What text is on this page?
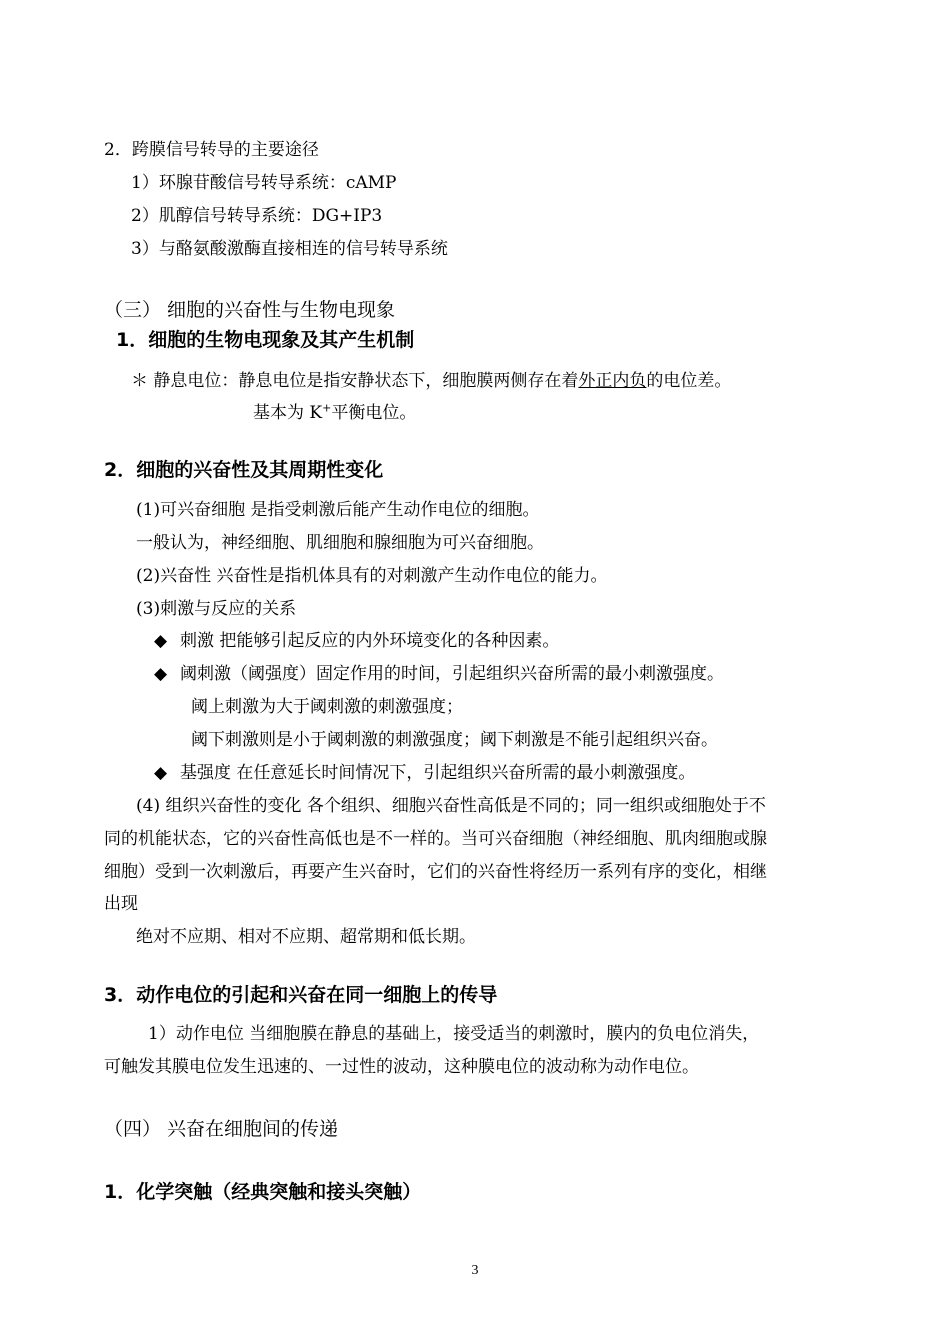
2．跨膜信号转导的主要途径
1）环腺苷酸信号转导系统：cAMP
2）肌醇信号转导系统：DG+IP3
3）与酪氨酸激酶直接相连的信号转导系统
（三） 细胞的兴奋性与生物电现象
1．细胞的生物电现象及其产生机制
＊ 静息电位：静息电位是指安静状态下，细胞膜两侧存在着外正内负的电位差。
基本为 K+平衡电位。
2．细胞的兴奋性及其周期性变化
(1)可兴奋细胞 是指受刺激后能产生动作电位的细胞。
一般认为，神经细胞、肌细胞和腺细胞为可兴奋细胞。
(2)兴奋性 兴奋性是指机体具有的对刺激产生动作电位的能力。
(3)刺激与反应的关系
◆ 刺激 把能够引起反应的内外环境变化的各种因素。
◆ 阈刺激（阈强度）固定作用的时间，引起组织兴奋所需的最小刺激强度。
阈上刺激为大于阈刺激的刺激强度；
阈下刺激则是小于阈刺激的刺激强度；阈下刺激是不能引起组织兴奋。
◆ 基强度 在任意延长时间情况下，引起组织兴奋所需的最小刺激强度。
(4) 组织兴奋性的变化 各个组织、细胞兴奋性高低是不同的；同一组织或细胞处于不
同的机能状态，它的兴奋性高低也是不一样的。当可兴奋细胞（神经细胞、肌肉细胞或腺
细胞）受到一次刺激后，再要产生兴奋时，它们的兴奋性将经历一系列有序的变化，相继
出现
绝对不应期、相对不应期、超常期和低长期。
3．动作电位的引起和兴奋在同一细胞上的传导
1）动作电位 当细胞膜在静息的基础上，接受适当的刺激时，膜内的负电位消失，
可触发其膜电位发生迅速的、一过性的波动，这种膜电位的波动称为动作电位。
（四） 兴奋在细胞间的传递
1．化学突触（经典突触和接头突触）
3
